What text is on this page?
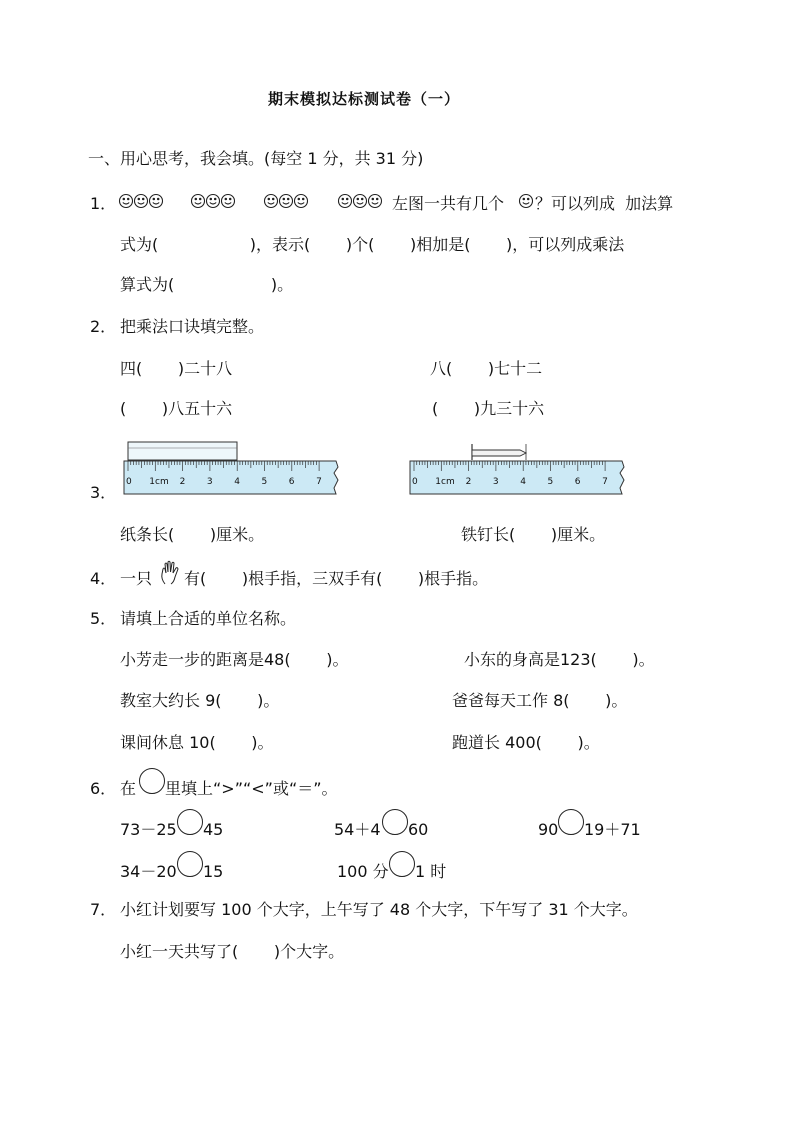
期末模拟达标测试卷（一）
一、用心思考，我会填。(每空 1 分，共 31 分)
1．	左图一共有几个 ？可以列成  加法算
式为(                  )，表示(       )个(       )相加是(       )，可以列成乘法
算式为(                   )。
2． 把乘法口诀填完整。
四(       )二十八	八(       )七十二
(       )八五十六	(       )九三十六
3．
0 1cm 2 3 4 5 6 7	0 1cm 2 3 4 5 6 7
纸条长(       )厘米。	铁钉长(       )厘米。
4． 一只 有(       )根手指，三双手有(       )根手指。
5． 请填上合适的单位名称。
小芳走一步的距离是48(       )。	小东的身高是123(       )。
教室大约长 9(       )。	爸爸每天工作 8(       )。
课间休息 10(       )。	跑道长 400(       )。
6． 在 里填上“>”“<”或“＝”。
73－25 45	54＋4 60	90 19＋71
34－20 15	100 分 1 时
7． 小红计划要写 100 个大字，上午写了 48 个大字，下午写了 31 个大字。
小红一天共写了(       )个大字。
